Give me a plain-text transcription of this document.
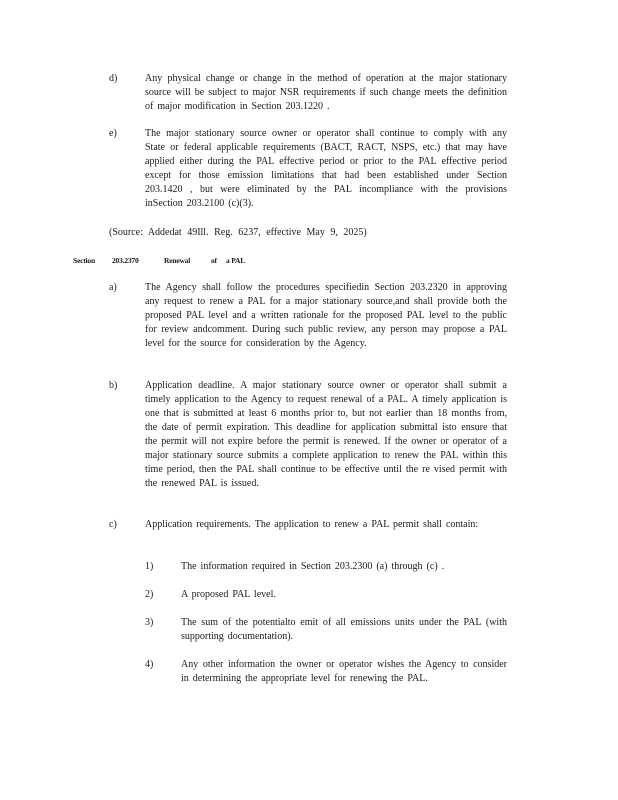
d)	Any physical change or change in the method of operation at the major stationary source will be subject to major NSR requirements if such change meets the definition of major modification in Section 203.1220 .
e)	The major stationary source owner or operator shall continue to comply with any State or federal applicable requirements (BACT, RACT, NSPS, etc.) that may have applied either during the PAL effective period or prior to the PAL effective period except for those emission limitations that had been established under Section 203.1420 , but were eliminated by the PAL incompliance with the provisions inSection 203.2100 (c)(3).
(Source: Addedat 49Ill. Reg. 6237, effective May 9, 2025)
Section 203.2370	Renewal	of a PAL
a)	The Agency shall follow the procedures specifiedin Section 203.2320 in approving any request to renew a PAL for a major stationary source,and shall provide both the proposed PAL level and a written rationale for the proposed PAL level to the public for review andcomment. During such public review, any person may propose a PAL level for the source for consideration by the Agency.
b)	Application deadline. A major stationary source owner or operator shall submit a timely application to the Agency to request renewal of a PAL. A timely application is one that is submitted at least 6 months prior to, but not earlier than 18 months from, the date of permit expiration. This deadline for application submittal isto ensure that the permit will not expire before the permit is renewed. If the owner or operator of a major stationary source submits a complete application to renew the PAL within this time period, then the PAL shall continue to be effective until the re vised permit with the renewed PAL is issued.
c)	Application requirements. The application to renew a PAL permit shall contain:
1)	The information required in Section 203.2300 (a) through (c) .
2)	A proposed PAL level.
3)	The sum of the potentialto emit of all emissions units under the PAL (with supporting documentation).
4)	Any other information the owner or operator wishes the Agency to consider in determining the appropriate level for renewing the PAL.
